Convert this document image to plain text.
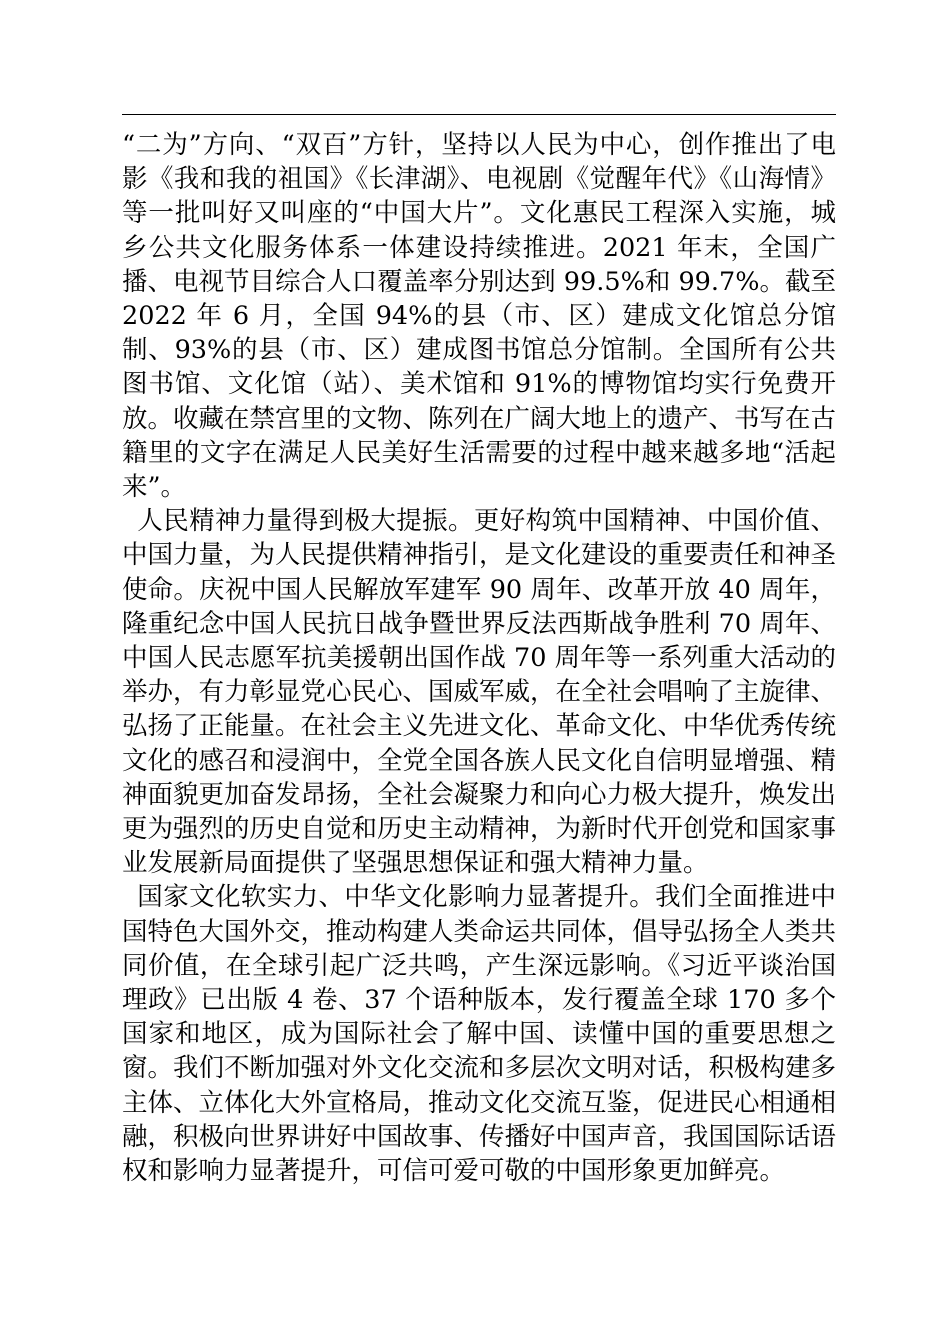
“二为”方向、“双百”方针，坚持以人民为中心，创作推出了电影《我和我的祖国》《长津湖》、电视剧《觉醒年代》《山海情》等一批叫好又叫座的“中国大片”。文化惠民工程深入实施，城乡公共文化服务体系一体建设持续推进。2021 年末，全国广播、电视节目综合人口覆盖率分别达到 99.5%和 99.7%。截至 2022 年 6 月，全国 94%的县（市、区）建成文化馆总分馆制、93%的县（市、区）建成图书馆总分馆制。全国所有公共图书馆、文化馆（站）、美术馆和 91%的博物馆均实行免费开放。收藏在禁宫里的文物、陈列在广阔大地上的遗产、书写在古籍里的文字在满足人民美好生活需要的过程中越来越多地“活起来”。

人民精神力量得到极大提振。更好构筑中国精神、中国价值、中国力量，为人民提供精神指引，是文化建设的重要责任和神圣使命。庆祝中国人民解放军建军 90 周年、改革开放 40 周年，隆重纪念中国人民抗日战争暨世界反法西斯战争胜利 70 周年、中国人民志愿军抗美援朝出国作战 70 周年等一系列重大活动的举办，有力彰显党心民心、国威军威，在全社会唱响了主旋律、弘扬了正能量。在社会主义先进文化、革命文化、中华优秀传统文化的感召和浸润中，全党全国各族人民文化自信明显增强、精神面貌更加奋发昂扬，全社会凝聚力和向心力极大提升，焕发出更为强烈的历史自觉和历史主动精神，为新时代开创党和国家事业发展新局面提供了坚强思想保证和强大精神力量。

国家文化软实力、中华文化影响力显著提升。我们全面推进中国特色大国外交，推动构建人类命运共同体，倡导弘扬全人类共同价值，在全球引起广泛共鸣，产生深远影响。《习近平谈治国理政》已出版 4 卷、37 个语种版本，发行覆盖全球 170 多个国家和地区，成为国际社会了解中国、读懂中国的重要思想之窗。我们不断加强对外文化交流和多层次文明对话，积极构建多主体、立体化大外宣格局，推动文化交流互鉴，促进民心相通相融，积极向世界讲好中国故事、传播好中国声音，我国国际话语权和影响力显著提升，可信可爱可敬的中国形象更加鲜亮。
